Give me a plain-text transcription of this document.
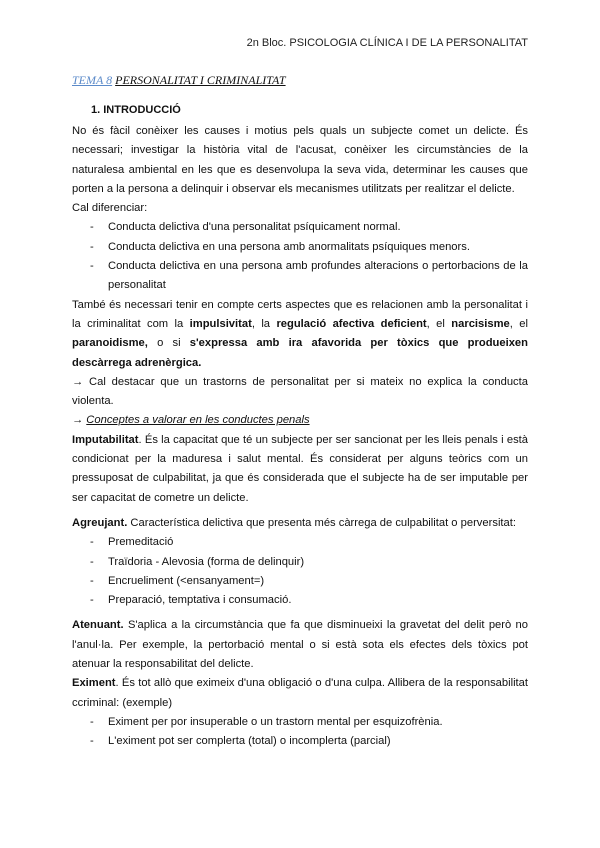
2n Bloc. PSICOLOGIA CLÍNICA I DE LA PERSONALITAT
TEMA 8 PERSONALITAT I CRIMINALITAT
1. INTRODUCCIÓ

No és fàcil conèixer les causes i motius pels quals un subjecte comet un delicte. És necessari; investigar la història vital de l'acusat, conèixer les circumstàncies de la naturalesa ambiental en les que es desenvolupa la seva vida, determinar les causes que porten a la persona a delinquir i observar els mecanismes utilitzats per realitzar el delicte.

Cal diferenciar:

- Conducta delictiva d'una personalitat psíquicament normal.
- Conducta delictiva en una persona amb anormalitats psíquiques menors.
- Conducta delictiva en una persona amb profundes alteracions o pertorbacions de la personalitat

També és necessari tenir en compte certs aspectes que es relacionen amb la personalitat i la criminalitat com la impulsivitat, la regulació afectiva deficient, el narcisisme, el paranoidisme, o si s'expressa amb ira afavorida per tòxics que produeixen descàrrega adrenèrgica.

→ Cal destacar que un trastorns de personalitat per si mateix no explica la conducta violenta.

→ Conceptes a valorar en les conductes penals

Imputabilitat. És la capacitat que té un subjecte per ser sancionat per les lleis penals i està condicionat per la maduresa i salut mental. És considerat per alguns teòrics com un pressuposat de culpabilitat, ja que és considerada que el subjecte ha de ser imputable per ser capacitat de cometre un delicte.

Agreujant. Característica delictiva que presenta més càrrega de culpabilitat o perversitat:

- Premeditació
- Traïdoria - Alevosia (forma de delinquir)
- Encrueliment (<ensanyament=)
- Preparació, temptativa i consumació.

Atenuant. S'aplica a la circumstància que fa que disminueixi la gravetat del delit però no l'anul·la. Per exemple, la pertorbació mental o si està sota els efectes dels tòxics pot atenuar la responsabilitat del delicte.

Eximent. És tot allò que eximeix d'una obligació o d'una culpa. Allibera de la responsabilitat ccriminal: (exemple)

- Eximent per por insuperable o un trastorn mental per esquizofrènia.
- L'eximent pot ser complerta (total) o incomplerta (parcial)
